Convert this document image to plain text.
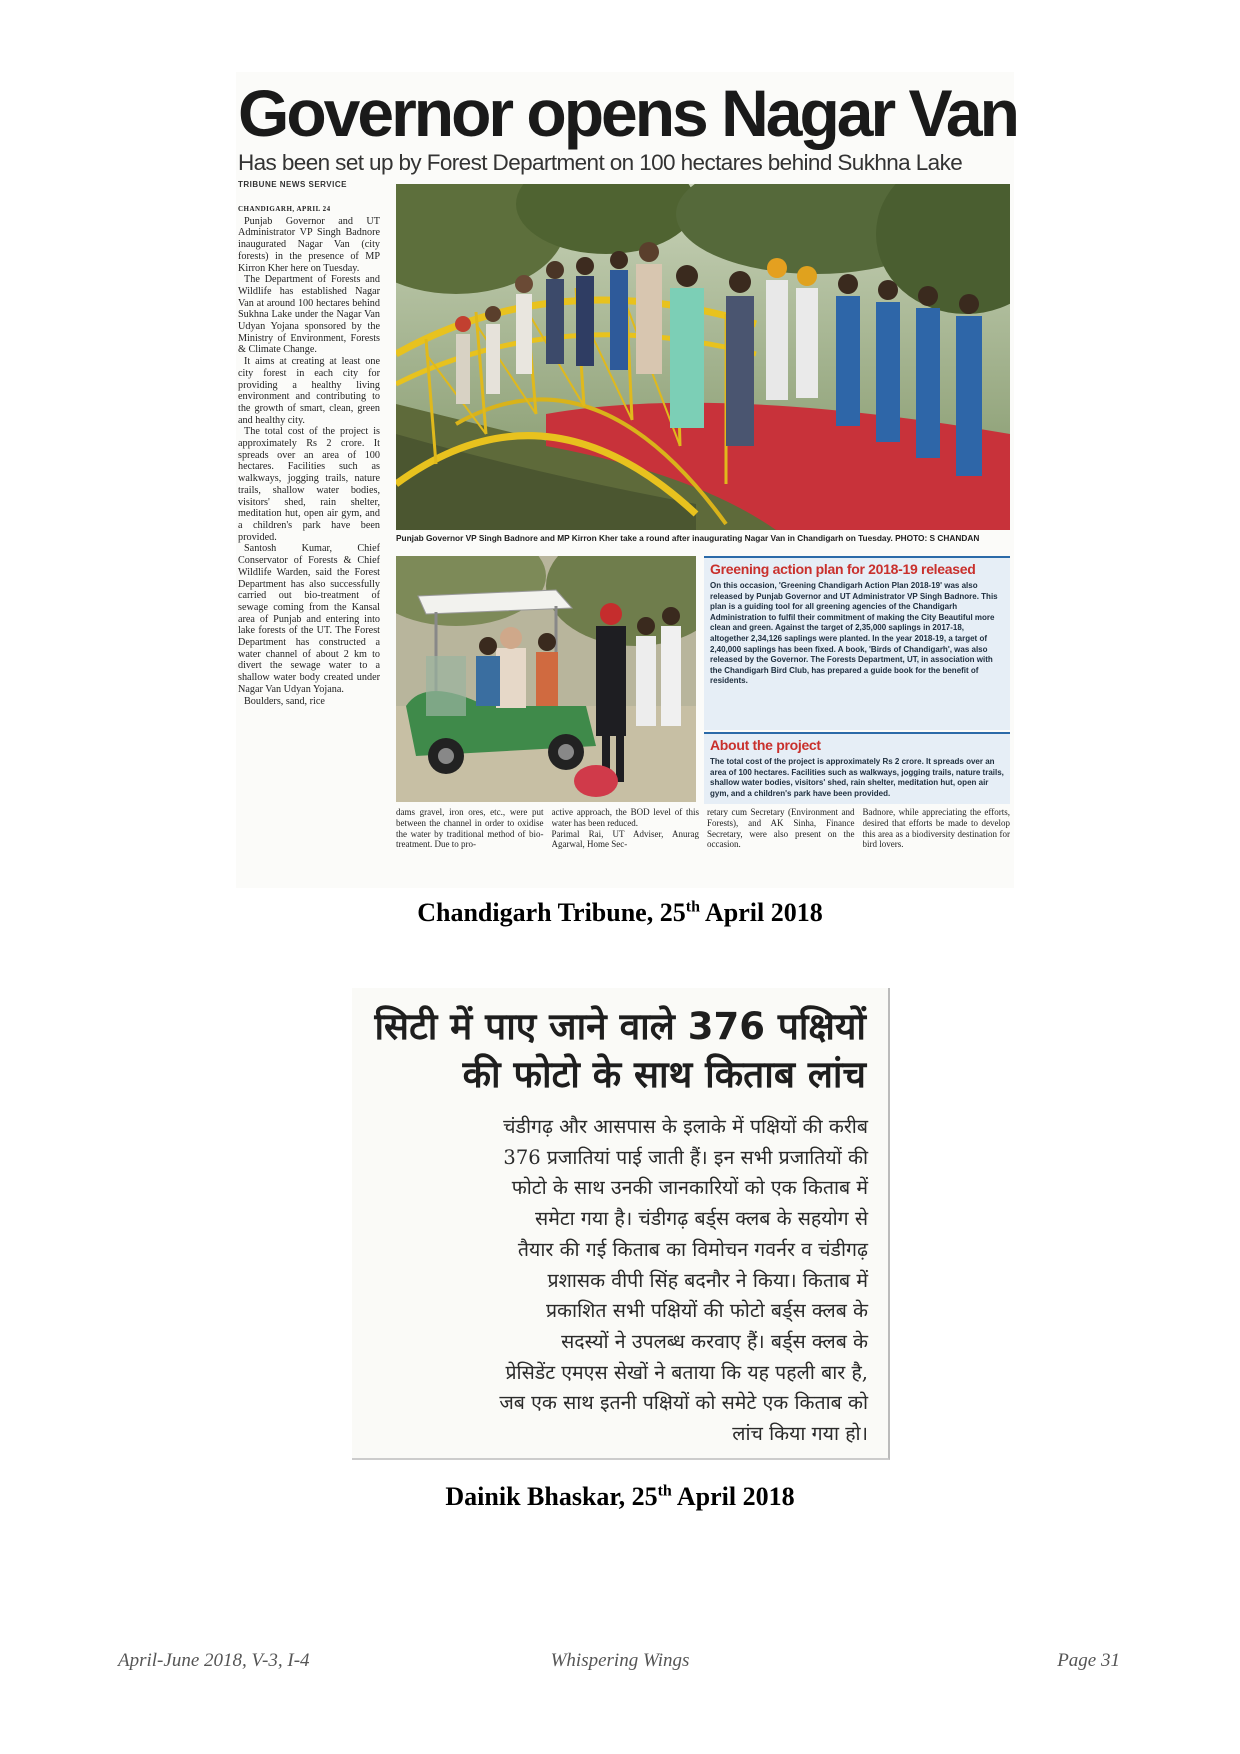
Governor opens Nagar Van
Has been set up by Forest Department on 100 hectares behind Sukhna Lake
TRIBUNE NEWS SERVICE
CHANDIGARH, APRIL 24

Punjab Governor and UT Administrator VP Singh Badnore inaugurated Nagar Van (city forests) in the presence of MP Kirron Kher here on Tuesday.

The Department of Forests and Wildlife has established Nagar Van at around 100 hectares behind Sukhna Lake under the Nagar Van Udyan Yojana sponsored by the Ministry of Environment, Forests & Climate Change.

It aims at creating at least one city forest in each city for providing a healthy living environment and contributing to the growth of smart, clean, green and healthy city.

The total cost of the project is approximately Rs 2 crore. It spreads over an area of 100 hectares. Facilities such as walkways, jogging trails, nature trails, shallow water bodies, visitors' shed, rain shelter, meditation hut, open air gym, and a children's park have been provided.

Santosh Kumar, Chief Conservator of Forests & Chief Wildlife Warden, said the Forest Department has also successfully carried out bio-treatment of sewage coming from the Kansal area of Punjab and entering into lake forests of the UT. The Forest Department has constructed a water channel of about 2 km to divert the sewage water to a shallow water body created under Nagar Van Udyan Yojana.

Boulders, sand, rice

Punjab Governor VP Singh Badnore and MP Kirron Kher take a round after inaugurating Nagar Van in Chandigarh on Tuesday. PHOTO: S CHANDAN
Greening action plan for 2018-19 released

On this occasion, 'Greening Chandigarh Action Plan 2018-19' was also released by Punjab Governor and UT Administrator VP Singh Badnore. This plan is a guiding tool for all greening agencies of the Chandigarh Administration to fulfil their commitment of making the City Beautiful more clean and green. Against the target of 2,35,000 saplings in 2017-18, altogether 2,34,126 saplings were planted. In the year 2018-19, a target of 2,40,000 saplings has been fixed. A book, 'Birds of Chandigarh', was also released by the Governor. The Forests Department, UT, in association with the Chandigarh Bird Club, has prepared a guide book for the benefit of residents.

About the project

The total cost of the project is approximately Rs 2 crore. It spreads over an area of 100 hectares. Facilities such as walkways, jogging trails, nature trails, shallow water bodies, visitors' shed, rain shelter, meditation hut, open air gym, and a children's park have been provided.

dams gravel, iron ores, etc., were put between the channel in order to oxidise the water by traditional method of bio-treatment. Due to pro-

active approach, the BOD level of this water has been reduced.

Parimal Rai, UT Adviser, Anurag Agarwal, Home Sec-

retary cum Secretary (Environment and Forests), and AK Sinha, Finance Secretary, were also present on the occasion.

Badnore, while appreciating the efforts, desired that efforts be made to develop this area as a biodiversity destination for bird lovers.

Chandigarh Tribune, 25th April 2018

सिटी में पाए जाने वाले 376 पक्षियों

की फोटो के साथ किताब लांच

चंडीगढ़ और आसपास के इलाके में पक्षियों की करीब
376 प्रजातियां पाई जाती हैं। इन सभी प्रजातियों की
फोटो के साथ उनकी जानकारियों को एक किताब में
समेटा गया है। चंडीगढ़ बर्ड्स क्लब के सहयोग से
तैयार की गई किताब का विमोचन गवर्नर व चंडीगढ़
प्रशासक वीपी सिंह बदनौर ने किया। किताब में
प्रकाशित सभी पक्षियों की फोटो बर्ड्स क्लब के
सदस्यों ने उपलब्ध करवाए हैं। बर्ड्स क्लब के
प्रेसिडेंट एमएस सेखों ने बताया कि यह पहली बार है,
जब एक साथ इतनी पक्षियों को समेटे एक किताब को
लांच किया गया हो।

Dainik Bhaskar, 25th April 2018

April-June 2018, V-3, I-4	Whispering Wings	Page 31
